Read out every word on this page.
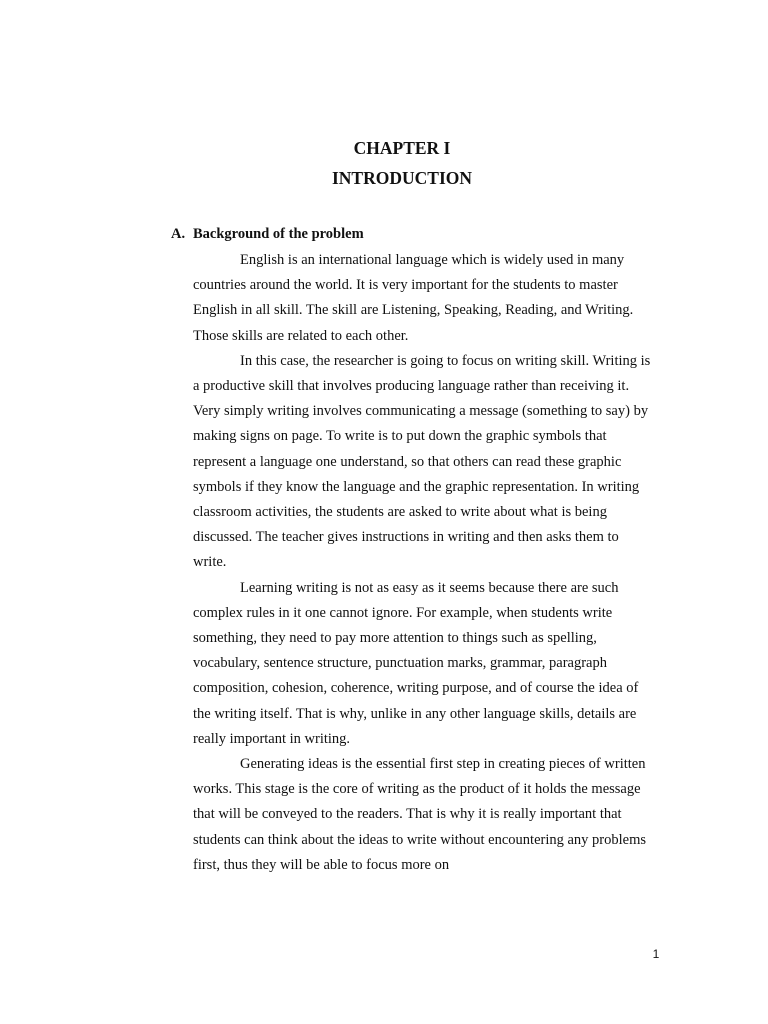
CHAPTER I
INTRODUCTION
A. Background of the problem

English is an international language which is widely used in many countries around the world. It is very important for the students to master English in all skill. The skill are Listening, Speaking, Reading, and Writing. Those skills are related to each other.

In this case, the researcher is going to focus on writing skill. Writing is a productive skill that involves producing language rather than receiving it. Very simply writing involves communicating a message (something to say) by making signs on page. To write is to put down the graphic symbols that represent a language one understand, so that others can read these graphic symbols if they know the language and the graphic representation. In writing classroom activities, the students are asked to write about what is being discussed. The teacher gives instructions in writing and then asks them to write.

Learning writing is not as easy as it seems because there are such complex rules in it one cannot ignore. For example, when students write something, they need to pay more attention to things such as spelling, vocabulary, sentence structure, punctuation marks, grammar, paragraph composition, cohesion, coherence, writing purpose, and of course the idea of the writing itself. That is why, unlike in any other language skills, details are really important in writing.

Generating ideas is the essential first step in creating pieces of written works. This stage is the core of writing as the product of it holds the message that will be conveyed to the readers. That is why it is really important that students can think about the ideas to write without encountering any problems first, thus they will be able to focus more on

1
